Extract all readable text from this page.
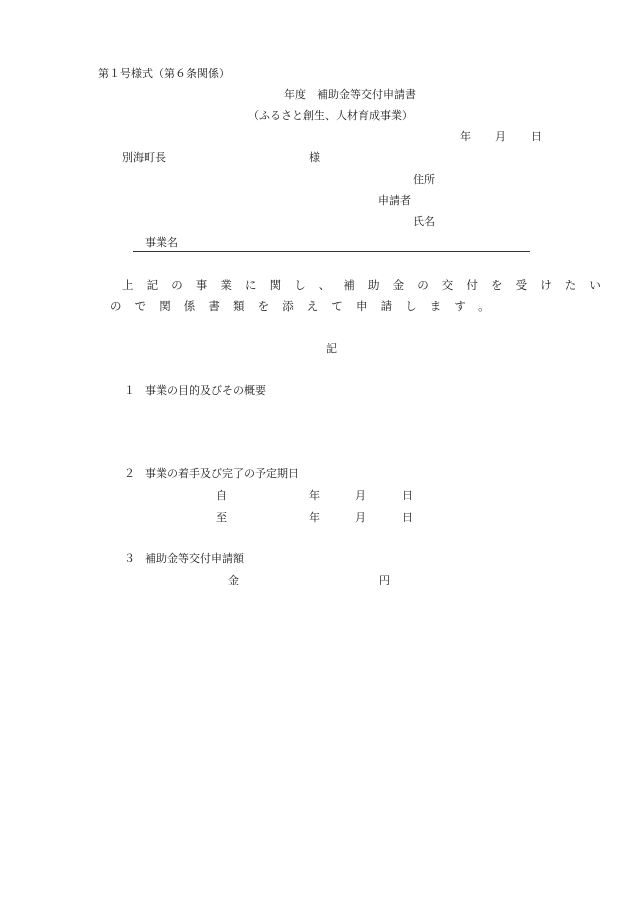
第１号様式（第６条関係）
年度　補助金等交付申請書
（ふるさと創生、人材育成事業）
年 月 日
別海町長	様
住所
申請者
氏名
事業名
上記の事業に関し、補助金の交付を受けたい
ので関係書類を添えて申請します。
記
１ 事業の目的及びその概要
２ 事業の着手及び完了の予定期日
自	年	月	日
至	年	月	日
３ 補助金等交付申請額
金	円
